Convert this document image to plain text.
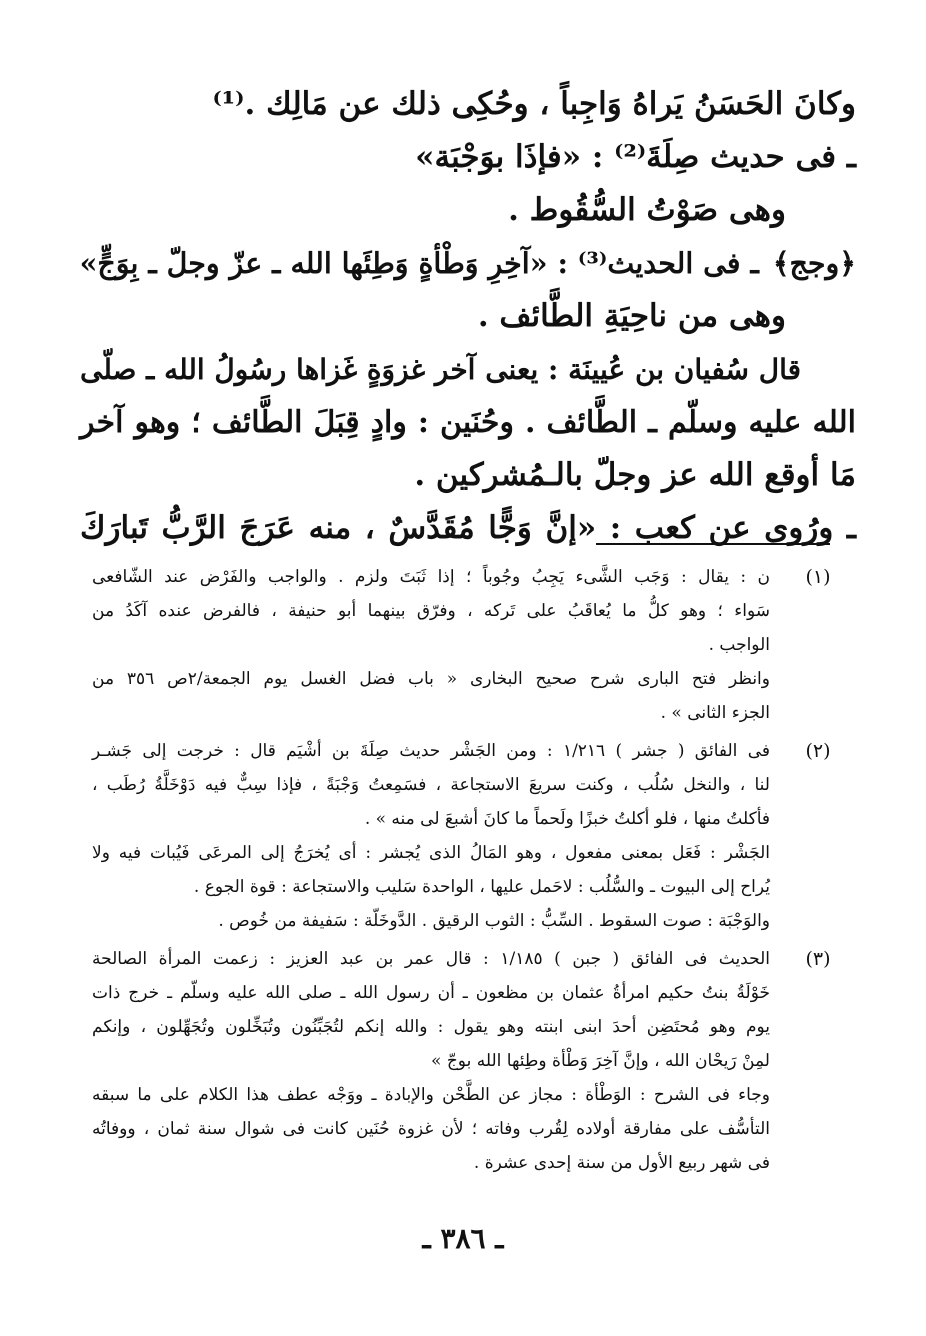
وكانَ الحَسَنُ يَراهُ وَاجِباً ، وحُكِى ذلك عن مَالِك .⁽¹⁾
ـ فى حديث صِلَةَ⁽²⁾ : «فإذَا بوَجْبَة»
وهى صَوْتُ السُّقُوط .
﴿وجج﴾ـ فى الحديث⁽³⁾ : «آخِرِ وَطْأةٍ وَطِئَها الله ـ عزّ وجلّ ـ بِوَجٍّ»
وهى من ناحِيَةِ الطَّائف .
قال سُفيان بن عُيينَة : يعنى آخر غزوَةٍ غَزاها رسُولُ الله ـ صلّى
الله عليه وسلّم ـ الطَّائف . وحُنَين : وادٍ قِبَلَ الطَّائف ؛ وهو آخر
مَا أوقع الله عز وجلّ بالـمُشركين .
ـ ورُوى عن كعب : «إنَّ وَجًّا مُقَدَّسٌ ، منه عَرَجَ الرَّبُّ تَبارَكَ
(١)
ن : يقال : وَجَب الشَّىء يَجِبُ وجُوباً ؛ إذا ثَبَتَ ولزم . والواجب والفَرْض عند الشّافعى
سَواء ؛ وهو كلُّ ما يُعاقَبُ على تَركه ، وفرّق بينهما أبو حنيفة ، فالفرض عنده آكَدُ من
الواجب .
وانظر فتح البارى شرح صحيح البخارى « باب فضل الغسل يوم الجمعة/٢ص ٣٥٦ من
الجزء الثانى » .
(٢)
فى الفائق ( جشر ) ١/٢١٦ : ومن الجَشْر حديث صِلَةَ بن أشْيَم قال : خرجت إلى جَشـر
لنا ، والنخل سُلُب ، وكنت سريعَ الاستجاعة ، فسَمِعتُ وَجْبَةً ، فإذا سِبٌّ فيه دَوْخَلَّةُ رُطَب ،
فأكلتُ منها ، فلو أكلتُ خبزًا ولَحماً ما كانَ أشبعَ لى منه » .
الجَشْر : فَعَل بمعنى مفعول ، وهو المَالُ الذى يُجشر : أى يُخرَجُ إلى المرعَى فَيُبات فيه ولا
يُراح إلى البيوت ـ والسُّلُب : لاحَمل عليها ، الواحدة سَليب والاستجاعة : قوة الجوع .
والوَجْبَة : صوت السقوط . السِّبُّ : الثوب الرقيق . الدَّوخَلّة : سَفيفة من خُوص .
(٣)
الحديث فى الفائق ( جبن ) ١/١٨٥ : قال عمر بن عبد العزيز : زعمت المرأة الصالحة
خَوْلَةُ بنتُ حكيم امرأةُ عثمان بن مظعون ـ أن رسول الله ـ صلى الله عليه وسلّم ـ خرج ذات
يوم وهو مُحتَضِن أحدَ ابنى ابنته وهو يقول : والله إنكم لتُجَبِّنُون وتُبَخِّلون وتُجَهِّلون ، وإنكم
لمِنْ رَيحْان الله ، وإنَّ آخِرَ وَطْأة وطِئها الله بوجّ »
وجاء فى الشرح : الوَطْأة : مجاز عن الطَّحْن والإبادة ـ ووَجْه عطف هذا الكلام على ما سبقه
التأسُّف على مفارقة أولاده لِقُرب وفاته ؛ لأن غزوة حُنَين كانت فى شوال سنة ثمان ، ووفاتُه
فى شهر ربيع الأول من سنة إحدى عشرة .
ـ ٣٨٦ ـ
